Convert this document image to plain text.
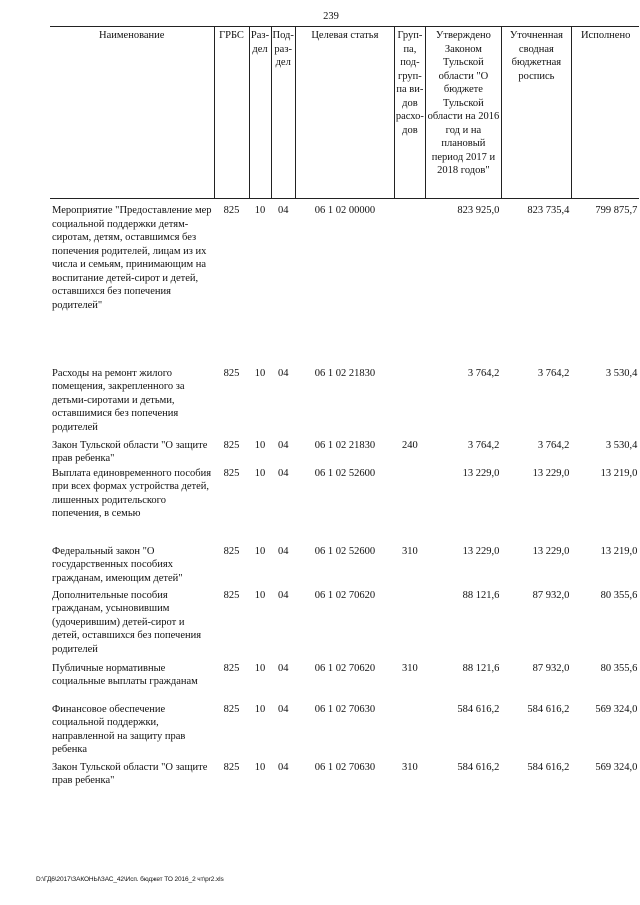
239
Наименование	ГРБС	Раз-дел	Под-раз-дел	Целевая статья	Груп-па, под-груп-па ви-дов расхо-дов	Утверждено Законом Тульской области "О бюджете Тульской области на 2016 год и на плановый период 2017 и 2018 годов"	Уточненная сводная бюджетная роспись	Исполнено
Мероприятие "Предоставление мер социальной поддержки детям-сиротам, детям, оставшимся без попечения родителей, лицам из их числа и семьям, принимающим на воспитание детей-сирот и детей, оставшихся без попечения родителей"	825	10	04	06 1 02 00000		823 925,0	823 735,4	799 875,7
Расходы на ремонт жилого помещения, закрепленного за детьми-сиротами и детьми, оставшимися без попечения родителей	825	10	04	06 1 02 21830		3 764,2	3 764,2	3 530,4
Закон Тульской области "О защите прав ребенка"	825	10	04	06 1 02 21830	240	3 764,2	3 764,2	3 530,4
Выплата единовременного пособия при всех формах устройства детей, лишенных родительского попечения, в семью	825	10	04	06 1 02 52600		13 229,0	13 229,0	13 219,0
Федеральный закон "О государственных пособиях гражданам, имеющим детей"	825	10	04	06 1 02 52600	310	13 229,0	13 229,0	13 219,0
Дополнительные пособия гражданам, усыновившим (удочерившим) детей-сирот и детей, оставшихся без попечения родителей	825	10	04	06 1 02 70620		88 121,6	87 932,0	80 355,6
Публичные нормативные социальные выплаты гражданам	825	10	04	06 1 02 70620	310	88 121,6	87 932,0	80 355,6
Финансовое обеспечение социальной поддержки, направленной на защиту прав ребенка	825	10	04	06 1 02 70630		584 616,2	584 616,2	569 324,0
Закон Тульской области "О защите прав ребенка"	825	10	04	06 1 02 70630	310	584 616,2	584 616,2	569 324,0
D:\ГД6\2017\ЗАКОНЫ\ЗАС_42\Исп. бюджет ТО 2016_2 чт\pr2.xls
